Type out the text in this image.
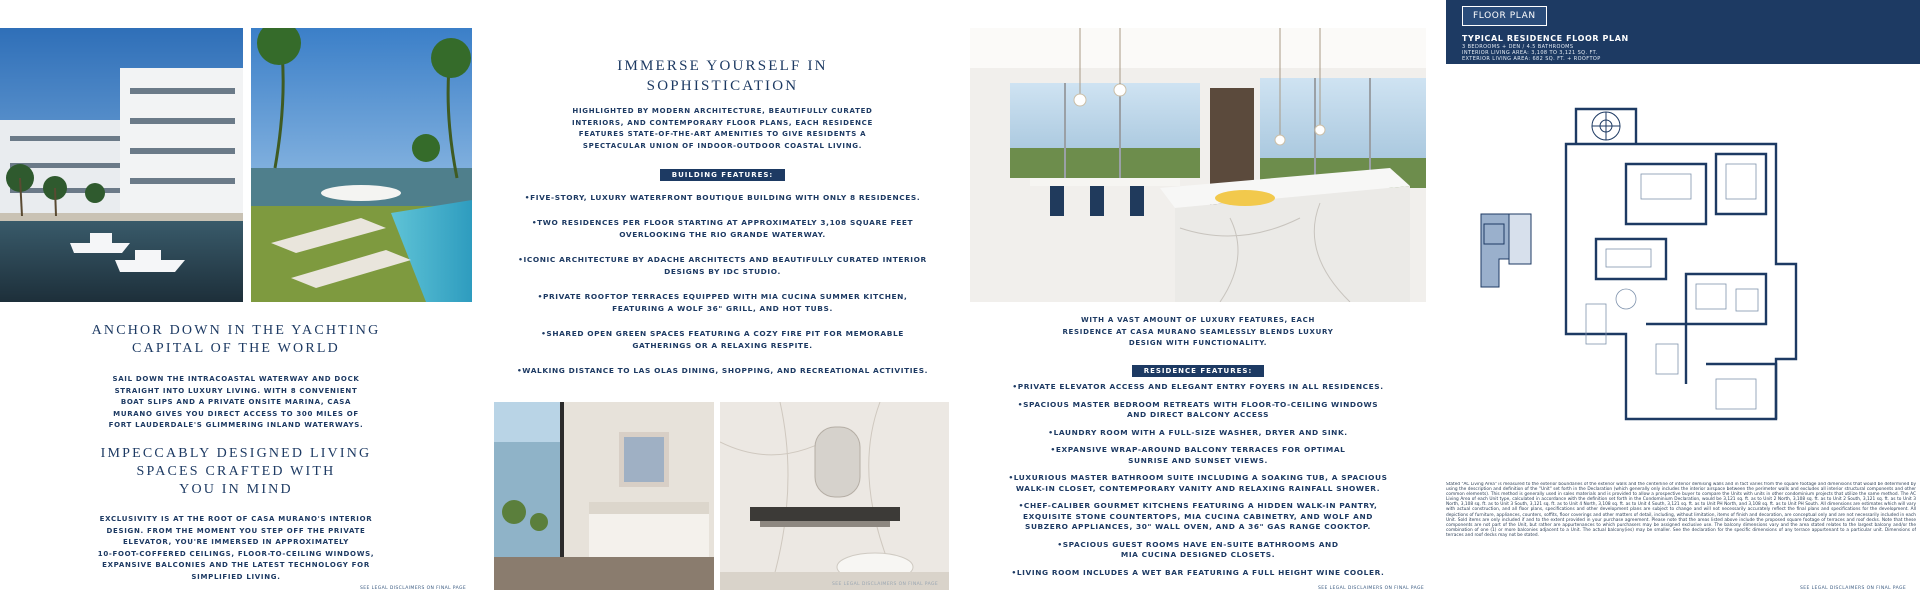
ANCHOR DOWN IN THE YACHTING
CAPITAL OF THE WORLD
SAIL DOWN THE INTRACOASTAL WATERWAY AND DOCK
STRAIGHT INTO LUXURY LIVING. WITH 8 CONVENIENT
BOAT SLIPS AND A PRIVATE ONSITE MARINA, CASA
MURANO GIVES YOU DIRECT ACCESS TO 300 MILES OF
FORT LAUDERDALE'S GLIMMERING INLAND WATERWAYS.
IMPECCABLY DESIGNED LIVING
SPACES CRAFTED WITH
YOU IN MIND
EXCLUSIVITY IS AT THE ROOT OF CASA MURANO'S INTERIOR
DESIGN. FROM THE MOMENT YOU STEP OFF THE PRIVATE
ELEVATOR, YOU'RE IMMERSED IN APPROXIMATELY
10-FOOT-COFFERED CEILINGS, FLOOR-TO-CEILING WINDOWS,
EXPANSIVE BALCONIES AND THE LATEST TECHNOLOGY FOR
SIMPLIFIED LIVING.
SEE LEGAL DISCLAIMERS ON FINAL PAGE
IMMERSE YOURSELF IN
SOPHISTICATION
HIGHLIGHTED BY MODERN ARCHITECTURE, BEAUTIFULLY CURATED
INTERIORS, AND CONTEMPORARY FLOOR PLANS, EACH RESIDENCE
FEATURES STATE-OF-THE-ART AMENITIES TO GIVE RESIDENTS A
SPECTACULAR UNION OF INDOOR-OUTDOOR COASTAL LIVING.
BUILDING FEATURES:
•FIVE-STORY, LUXURY WATERFRONT BOUTIQUE BUILDING WITH ONLY 8 RESIDENCES.
•TWO RESIDENCES PER FLOOR STARTING AT APPROXIMATELY 3,108 SQUARE FEET
OVERLOOKING THE RIO GRANDE WATERWAY.
•ICONIC ARCHITECTURE BY ADACHE ARCHITECTS AND BEAUTIFULLY CURATED INTERIOR
DESIGNS BY IDC STUDIO.
•PRIVATE ROOFTOP TERRACES EQUIPPED WITH MIA CUCINA SUMMER KITCHEN,
FEATURING A WOLF 36" GRILL, AND HOT TUBS.
•SHARED OPEN GREEN SPACES FEATURING A COZY FIRE PIT FOR MEMORABLE
GATHERINGS OR A RELAXING RESPITE.
•WALKING DISTANCE TO LAS OLAS DINING, SHOPPING, AND RECREATIONAL ACTIVITIES.
SEE LEGAL DISCLAIMERS ON FINAL PAGE
WITH A VAST AMOUNT OF LUXURY FEATURES, EACH
RESIDENCE AT CASA MURANO SEAMLESSLY BLENDS LUXURY
DESIGN WITH FUNCTIONALITY.
RESIDENCE FEATURES:
•PRIVATE ELEVATOR ACCESS AND ELEGANT ENTRY FOYERS IN ALL RESIDENCES.
•SPACIOUS MASTER BEDROOM RETREATS WITH FLOOR-TO-CEILING WINDOWS
AND DIRECT BALCONY ACCESS
•LAUNDRY ROOM WITH A FULL-SIZE WASHER, DRYER AND SINK.
•EXPANSIVE WRAP-AROUND BALCONY TERRACES FOR OPTIMAL
SUNRISE AND SUNSET VIEWS.
•LUXURIOUS MASTER BATHROOM SUITE INCLUDING A SOAKING TUB, A SPACIOUS
WALK-IN CLOSET, CONTEMPORARY VANITY AND RELAXING RAINFALL SHOWER.
•CHEF-CALIBER GOURMET KITCHENS FEATURING A HIDDEN WALK-IN PANTRY,
EXQUISITE STONE COUNTERTOPS, MIA CUCINA CABINETRY, AND WOLF AND
SUBZERO APPLIANCES, 30" WALL OVEN, AND A 36" GAS RANGE COOKTOP.
•SPACIOUS GUEST ROOMS HAVE EN-SUITE BATHROOMS AND
MIA CUCINA DESIGNED CLOSETS.
•LIVING ROOM INCLUDES A WET BAR FEATURING A FULL HEIGHT WINE COOLER.
SEE LEGAL DISCLAIMERS ON FINAL PAGE
FLOOR PLAN
TYPICAL RESIDENCE FLOOR PLAN
3 BEDROOMS + DEN / 4.5 BATHROOMS
INTERIOR LIVING AREA: 3,108 TO 3,121 SQ. FT.
EXTERIOR LIVING AREA: 682 SQ. FT. + ROOFTOP
Stated "AC Living Area" is measured to the exterior boundaries of the exterior walls and the centerline of interior demising walls and in fact varies from the square footage and dimensions that would be determined by using the description and definition of the "Unit" set forth in the Declaration (which generally only includes the interior airspace between the perimeter walls and excludes all interior structural components and other common elements). This method is generally used in sales materials and is provided to allow a prospective buyer to compare the Units with units in other condominium projects that utilize the same method. The AC Living Area of each Unit type, calculated in accordance with the definition set forth in the Condominium Declaration, would be 3,121 sq. ft. as to Unit 2 North, 3,108 sq. ft. as to Unit 2 South, 3,121 sq. ft. as to Unit 3 North, 3,108 sq. ft. as to Unit 3 South, 3,121 sq. ft. as to Unit 4 North, 3,108 sq. ft. as to Unit 4 South, 3,121 sq. ft. as to Unit PH North, and 3,108 sq. ft. as to Unit PH South. All dimensions are estimates which will vary with actual construction, and all floor plans, specifications and other development plans are subject to change and will not necessarily accurately reflect the final plans and specifications for the development. All depictions of furniture, appliances, counters, soffits, floor coverings and other matters of detail, including, without limitation, items of finish and decoration, are conceptual only and are not necessarily included in each Unit. Sold items are only included if and to the extent provided in your purchase agreement. Please note that the areas listed above include the proposed square footage of terraces and roof decks. Note that these components are not part of the Unit, but rather are appurtenances to which purchasers may be assigned exclusive use. The balcony dimensions vary and the area stated relates to the largest balcony and/or the combination of one (1) or more balconies adjacent to a Unit. The actual balcony(ies) may be smaller. See the declaration for the specific dimensions of any terrace appurtenant to a particular unit. Dimensions of terraces and roof decks may not be stated.
SEE LEGAL DISCLAIMERS ON FINAL PAGE
